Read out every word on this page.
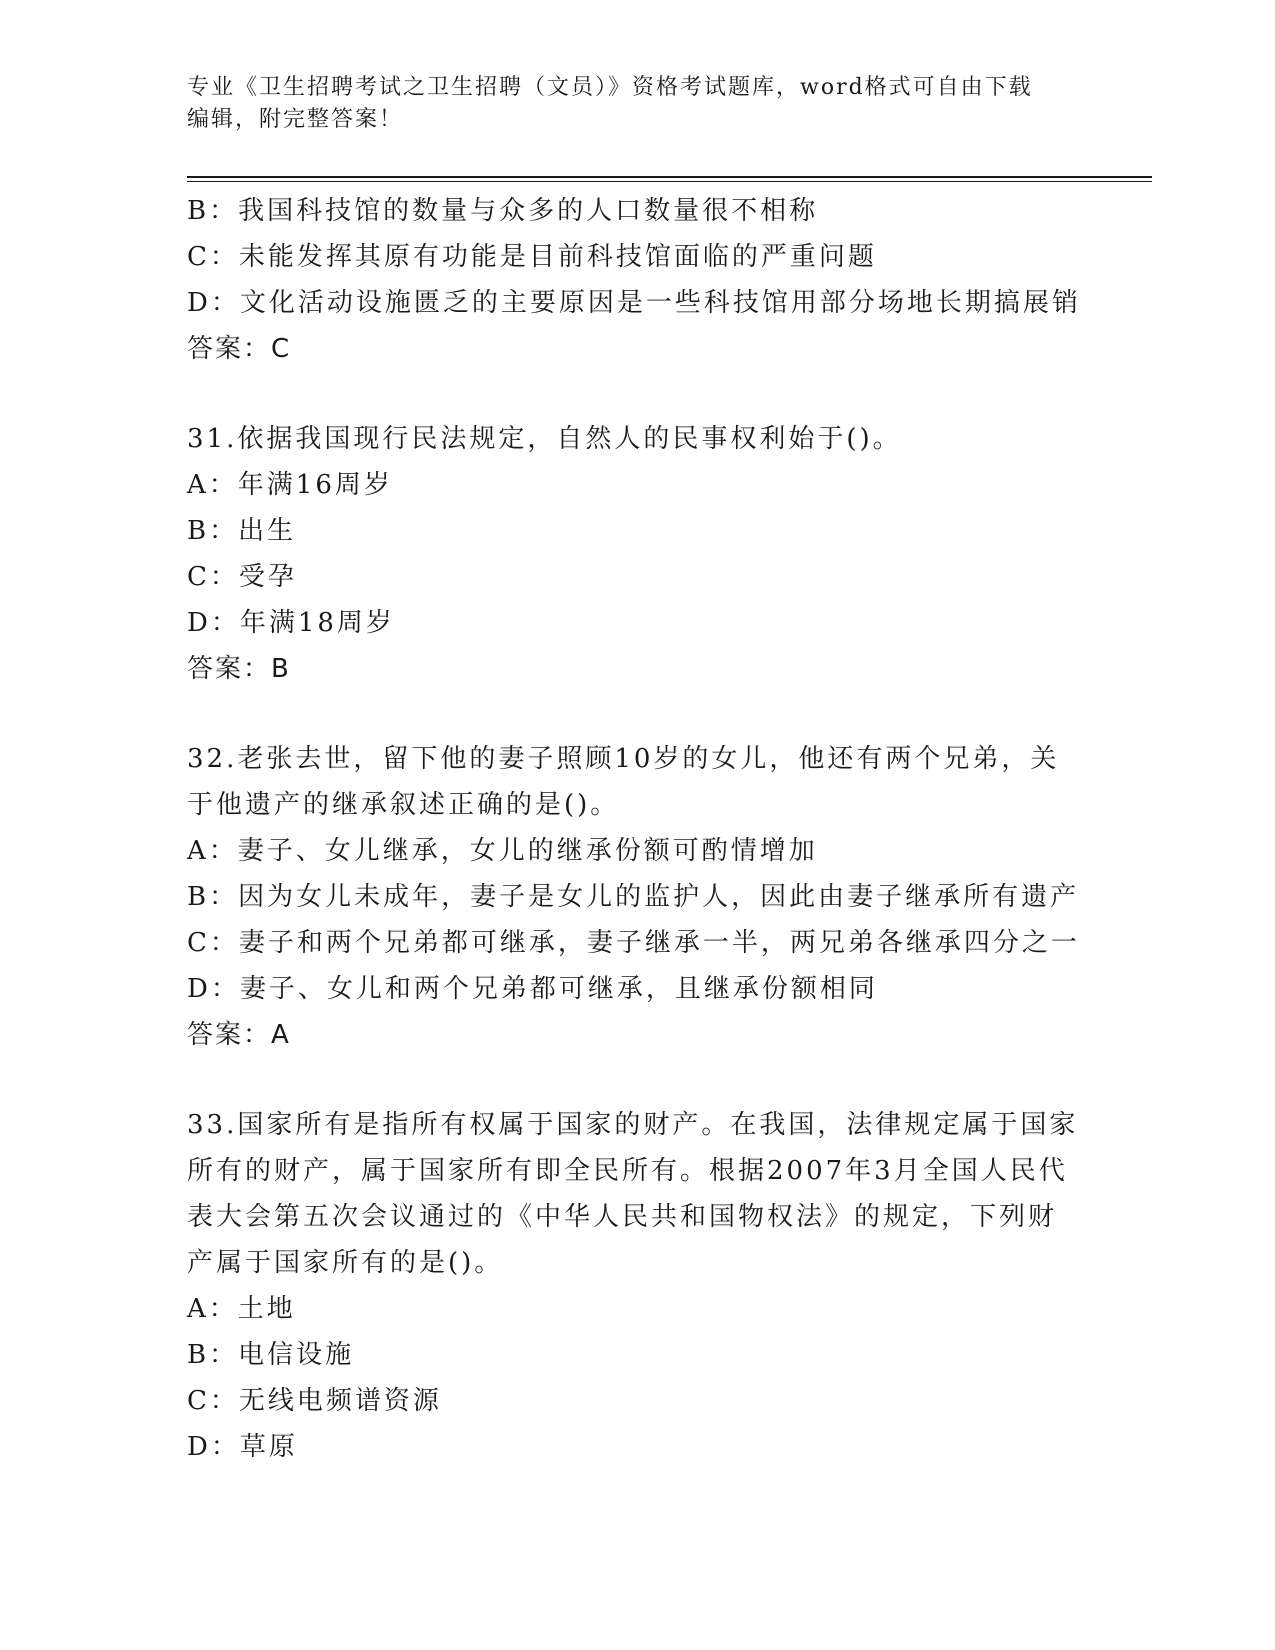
专业《卫生招聘考试之卫生招聘（文员）》资格考试题库，word格式可自由下载
编辑，附完整答案！
B：我国科技馆的数量与众多的人口数量很不相称
C：未能发挥其原有功能是目前科技馆面临的严重问题
D：文化活动设施匮乏的主要原因是一些科技馆用部分场地长期搞展销
答案：C
31.依据我国现行民法规定，自然人的民事权利始于()。
A：年满16周岁
B：出生
C：受孕
D：年满18周岁
答案：B
32.老张去世，留下他的妻子照顾10岁的女儿，他还有两个兄弟，关
于他遗产的继承叙述正确的是()。
A：妻子、女儿继承，女儿的继承份额可酌情增加
B：因为女儿未成年，妻子是女儿的监护人，因此由妻子继承所有遗产
C：妻子和两个兄弟都可继承，妻子继承一半，两兄弟各继承四分之一
D：妻子、女儿和两个兄弟都可继承，且继承份额相同
答案：A
33.国家所有是指所有权属于国家的财产。在我国，法律规定属于国家
所有的财产，属于国家所有即全民所有。根据2007年3月全国人民代
表大会第五次会议通过的《中华人民共和国物权法》的规定，下列财
产属于国家所有的是()。
A：土地
B：电信设施
C：无线电频谱资源
D：草原
